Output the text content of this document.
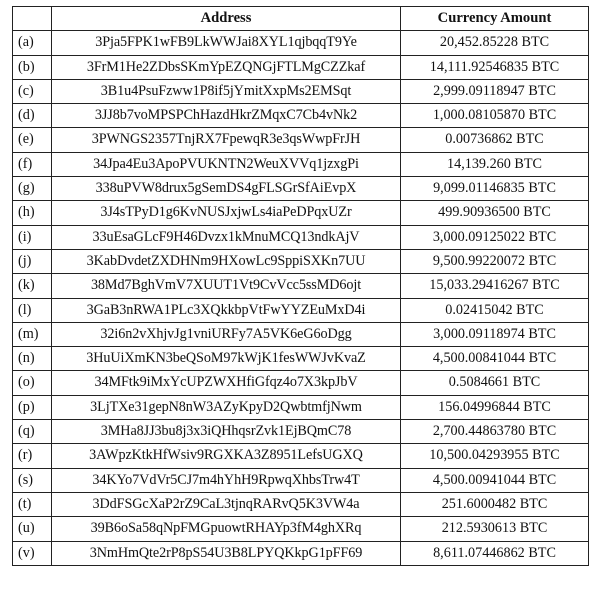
	Address	Currency Amount
(a)	3Pja5FPK1wFB9LkWWJai8XYL1qjbqqT9Ye	20,452.85228 BTC
(b)	3FrM1He2ZDbsSKmYpEZQNGjFTLMgCZZkaf	14,111.92546835 BTC
(c)	3B1u4PsuFzww1P8if5jYmitXxpMs2EMSqt	2,999.09118947 BTC
(d)	3JJ8b7voMPSPChHazdHkrZMqxC7Cb4vNk2	1,000.08105870 BTC
(e)	3PWNGS2357TnjRX7FpewqR3e3qsWwpFrJH	0.00736862 BTC
(f)	34Jpa4Eu3ApoPVUKNTN2WeuXVVq1jzxgPi	14,139.260 BTC
(g)	338uPVW8drux5gSemDS4gFLSGrSfAiEvpX	9,099.01146835 BTC
(h)	3J4sTPyD1g6KvNUSJxjwLs4iaPeDPqxUZr	499.90936500 BTC
(i)	33uEsaGLcF9H46Dvzx1kMnuMCQ13ndkAjV	3,000.09125022 BTC
(j)	3KabDvdetZXDHNm9HXowLc9SppiSXKn7UU	9,500.99220072 BTC
(k)	38Md7BghVmV7XUUT1Vt9CvVcc5ssMD6ojt	15,033.29416267 BTC
(l)	3GaB3nRWA1PLc3XQkkbpVtFwYYZEuMxD4i	0.02415042 BTC
(m)	32i6n2vXhjvJg1vniURFy7A5VK6eG6oDgg	3,000.09118974 BTC
(n)	3HuUiXmKN3beQSoM97kWjK1fesWWJvKvaZ	4,500.00841044 BTC
(o)	34MFtk9iMxYcUPZWXHfiGfqz4o7X3kpJbV	0.5084661 BTC
(p)	3LjTXe31gepN8nW3AZyKpyD2QwbtmfjNwm	156.04996844 BTC
(q)	3MHa8JJ3bu8j3x3iQHhqsrZvk1EjBQmC78	2,700.44863780 BTC
(r)	3AWpzKtkHfWsiv9RGXKA3Z8951LefsUGXQ	10,500.04293955 BTC
(s)	34KYo7VdVr5CJ7m4hYhH9RpwqXhbsTrw4T	4,500.00941044 BTC
(t)	3DdFSGcXaP2rZ9CaL3tjnqRARvQ5K3VW4a	251.6000482 BTC
(u)	39B6oSa58qNpFMGpuowtRHAYp3fM4ghXRq	212.5930613 BTC
(v)	3NmHmQte2rP8pS54U3B8LPYQKkpG1pFF69	8,611.07446862 BTC
